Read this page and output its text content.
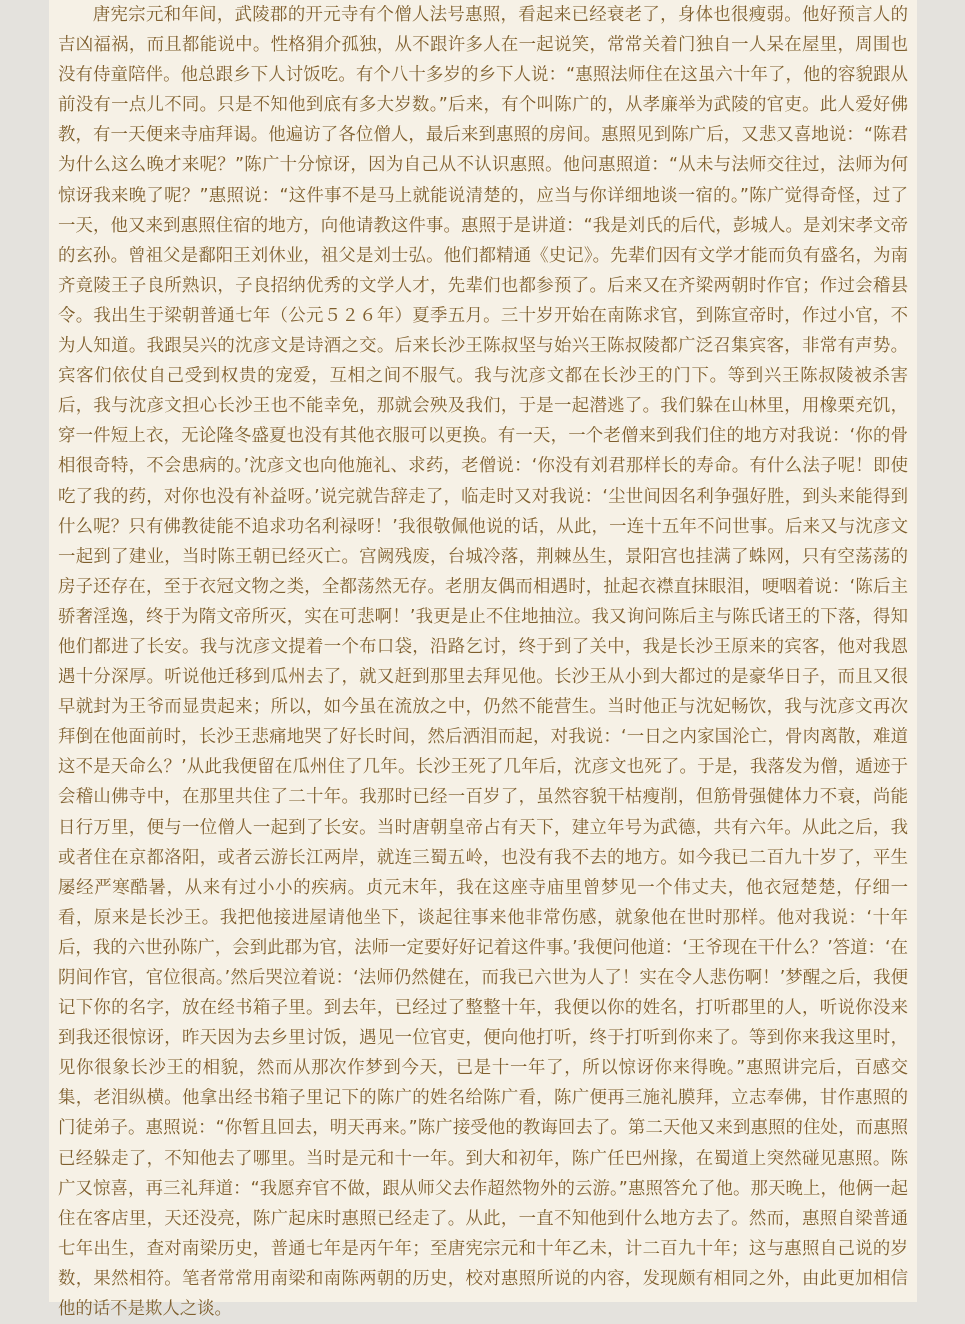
唐宪宗元和年间，武陵郡的开元寺有个僧人法号惠照，看起来已经衰老了，身体也很瘦弱。他好预言人的吉凶福祸，而且都能说中。性格狷介孤独，从不跟许多人在一起说笑，常常关着门独自一人呆在屋里，周围也没有侍童陪伴。他总跟乡下人讨饭吃。有个八十多岁的乡下人说：“惠照法师住在这虽六十年了，他的容貌跟从前没有一点儿不同。只是不知他到底有多大岁数。”后来，有个叫陈广的，从孝廉举为武陵的官吏。此人爱好佛教，有一天便来寺庙拜谒。他遍访了各位僧人，最后来到惠照的房间。惠照见到陈广后，又悲又喜地说：“陈君为什么这么晚才来呢？”陈广十分惊讶，因为自己从不认识惠照。他问惠照道：“从未与法师交往过，法师为何惊讶我来晚了呢？”惠照说：“这件事不是马上就能说清楚的，应当与你详细地谈一宿的。”陈广觉得奇怪，过了一天，他又来到惠照住宿的地方，向他请教这件事。惠照于是讲道：“我是刘氏的后代，彭城人。是刘宋孝文帝的玄孙。曾祖父是鄱阳王刘休业，祖父是刘士弘。他们都精通《史记》。先辈们因有文学才能而负有盛名，为南齐竟陵王子良所熟识，子良招纳优秀的文学人才，先辈们也都参预了。后来又在齐梁两朝时作官；作过会稽县令。我出生于梁朝普通七年（公元５２６年）夏季五月。三十岁开始在南陈求官，到陈宣帝时，作过小官，不为人知道。我跟吴兴的沈彦文是诗酒之交。后来长沙王陈叔坚与始兴王陈叔陵都广泛召集宾客，非常有声势。宾客们依仗自己受到权贵的宠爱，互相之间不服气。我与沈彦文都在长沙王的门下。等到兴王陈叔陵被杀害后，我与沈彦文担心长沙王也不能幸免，那就会殃及我们，于是一起潜逃了。我们躲在山林里，用橡栗充饥，穿一件短上衣，无论隆冬盛夏也没有其他衣服可以更换。有一天，一个老僧来到我们住的地方对我说：‘你的骨相很奇特，不会患病的。’沈彦文也向他施礼、求药，老僧说：‘你没有刘君那样长的寿命。有什么法子呢！即使吃了我的药，对你也没有补益呀。’说完就告辞走了，临走时又对我说：‘尘世间因名利争强好胜，到头来能得到什么呢？只有佛教徒能不追求功名利禄呀！’我很敬佩他说的话，从此，一连十五年不问世事。后来又与沈彦文一起到了建业，当时陈王朝已经灭亡。宫阙残废，台城冷落，荆棘丛生，景阳宫也挂满了蛛网，只有空荡荡的房子还存在，至于衣冠文物之类，全都荡然无存。老朋友偶而相遇时，扯起衣襟直抹眼泪，哽咽着说：‘陈后主骄奢淫逸，终于为隋文帝所灭，实在可悲啊！’我更是止不住地抽泣。我又询问陈后主与陈氏诸王的下落，得知他们都进了长安。我与沈彦文提着一个布口袋，沿路乞讨，终于到了关中，我是长沙王原来的宾客，他对我恩遇十分深厚。听说他迁移到瓜州去了，就又赶到那里去拜见他。长沙王从小到大都过的是豪华日子，而且又很早就封为王爷而显贵起来；所以，如今虽在流放之中，仍然不能营生。当时他正与沈妃畅饮，我与沈彦文再次拜倒在他面前时，长沙王悲痛地哭了好长时间，然后洒泪而起，对我说：‘一日之内家国沦亡，骨肉离散，难道这不是天命么？’从此我便留在瓜州住了几年。长沙王死了几年后，沈彦文也死了。于是，我落发为僧，遁迹于会稽山佛寺中，在那里共住了二十年。我那时已经一百岁了，虽然容貌干枯瘦削，但筋骨强健体力不衰，尚能日行万里，便与一位僧人一起到了长安。当时唐朝皇帝占有天下，建立年号为武德，共有六年。从此之后，我或者住在京都洛阳，或者云游长江两岸，就连三蜀五岭，也没有我不去的地方。如今我已二百九十岁了，平生屡经严寒酷暑，从来有过小小的疾病。贞元末年，我在这座寺庙里曾梦见一个伟丈夫，他衣冠楚楚，仔细一看，原来是长沙王。我把他接进屋请他坐下，谈起往事来他非常伤感，就象他在世时那样。他对我说：‘十年后，我的六世孙陈广，会到此郡为官，法师一定要好好记着这件事。’我便问他道：‘王爷现在干什么？’答道：‘在阴间作官，官位很高。’然后哭泣着说：‘法师仍然健在，而我已六世为人了！实在令人悲伤啊！’梦醒之后，我便记下你的名字，放在经书箱子里。到去年，已经过了整整十年，我便以你的姓名，打听郡里的人，听说你没来到我还很惊讶，昨天因为去乡里讨饭，遇见一位官吏，便向他打听，终于打听到你来了。等到你来我这里时，见你很象长沙王的相貌，然而从那次作梦到今天，已是十一年了，所以惊讶你来得晚。”惠照讲完后，百感交集，老泪纵横。他拿出经书箱子里记下的陈广的姓名给陈广看，陈广便再三施礼膜拜，立志奉佛，甘作惠照的门徒弟子。惠照说：“你暂且回去，明天再来。”陈广接受他的教诲回去了。第二天他又来到惠照的住处，而惠照已经躲走了，不知他去了哪里。当时是元和十一年。到大和初年，陈广任巴州掾，在蜀道上突然碰见惠照。陈广又惊喜，再三礼拜道：“我愿弃官不做，跟从师父去作超然物外的云游。”惠照答允了他。那天晚上，他俩一起住在客店里，天还没亮，陈广起床时惠照已经走了。从此，一直不知他到什么地方去了。然而，惠照自梁普通七年出生，查对南梁历史，普通七年是丙午年；至唐宪宗元和十年乙未，计二百九十年；这与惠照自己说的岁数，果然相符。笔者常常用南梁和南陈两朝的历史，校对惠照所说的内容，发现颇有相同之外，由此更加相信他的话不是欺人之谈。
